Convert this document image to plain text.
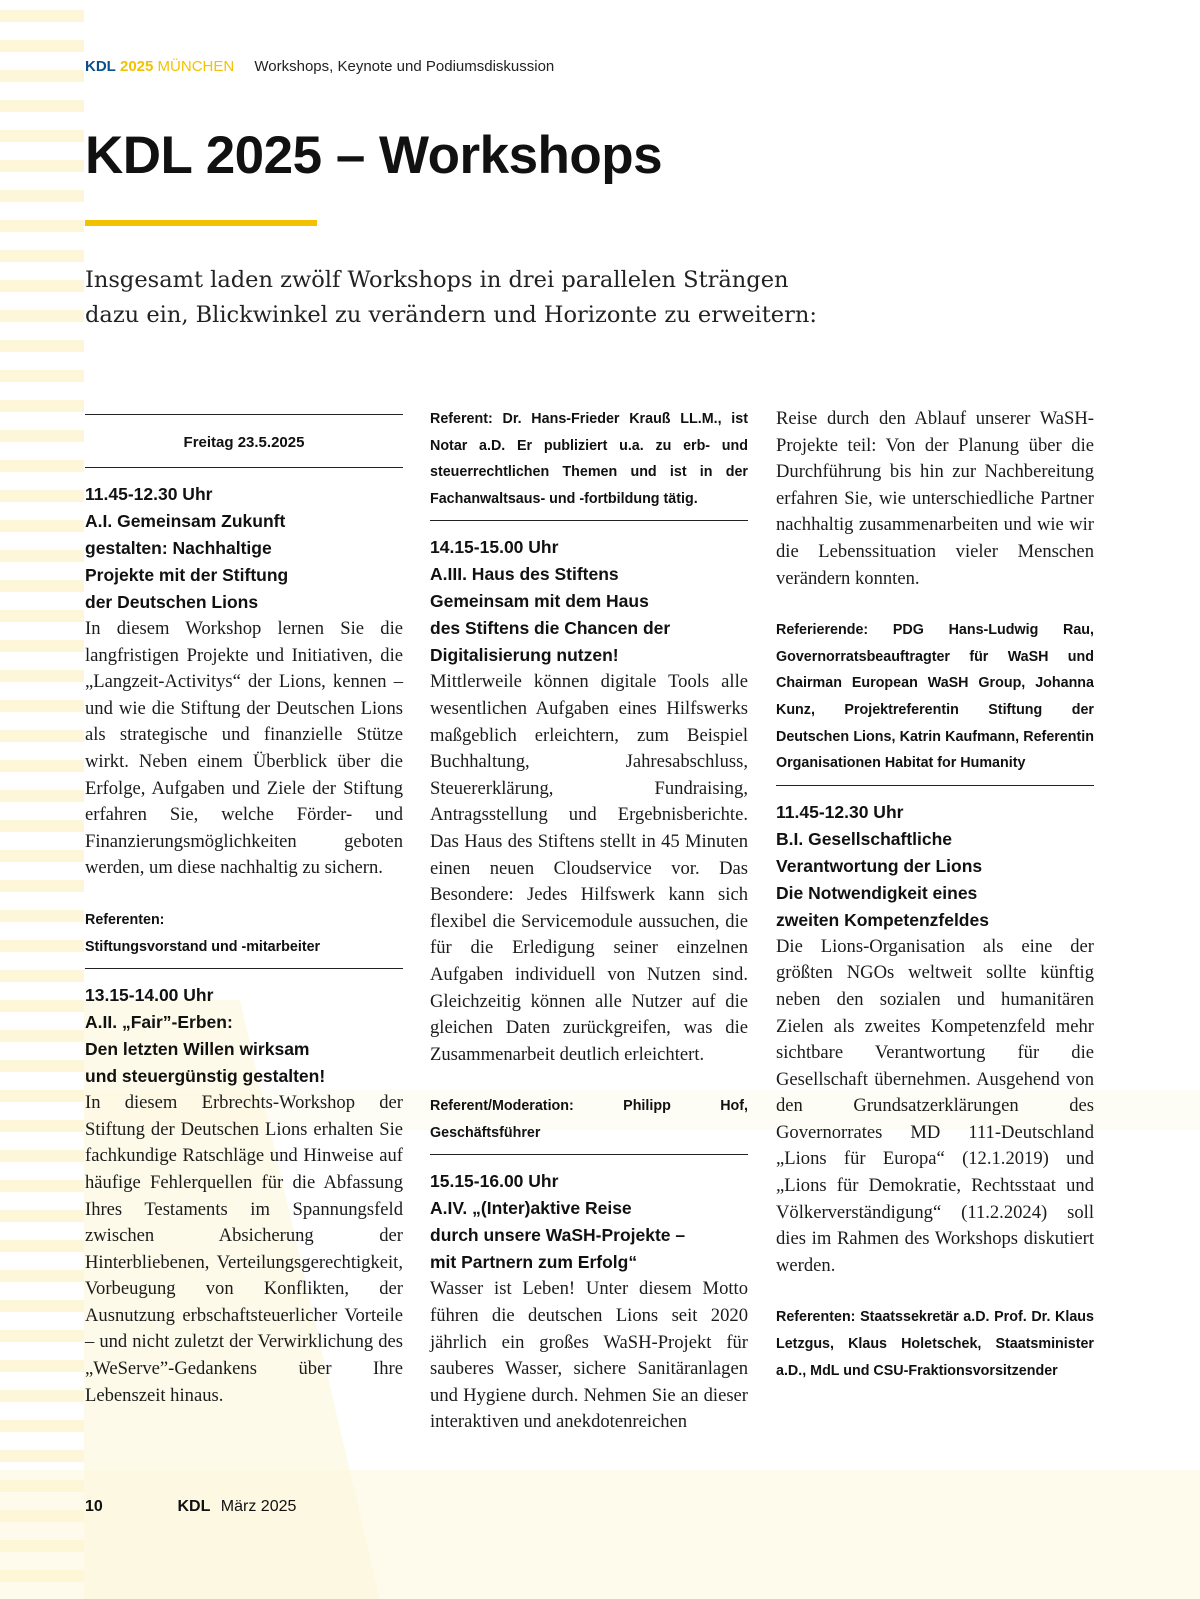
KDL 2025 MÜNCHEN Workshops, Keynote und Podiumsdiskussion
KDL 2025 – Workshops

Insgesamt laden zwölf Workshops in drei parallelen Strängen dazu ein, Blickwinkel zu verändern und Horizonte zu erweitern:

Freitag 23.5.2025

11.45-12.30 Uhr

A.I. Gemeinsam Zukunft
gestalten: Nachhaltige
Projekte mit der Stiftung
der Deutschen Lions

In diesem Workshop lernen Sie die langfristigen Projekte und Initiativen, die „Langzeit-Activitys“ der Lions, kennen – und wie die Stiftung der Deutschen Lions als strategische und finanzielle Stütze wirkt. Neben einem Überblick über die Erfolge, Aufgaben und Ziele der Stiftung erfahren Sie, welche Förder- und Finanzierungsmöglichkeiten geboten werden, um diese nachhaltig zu sichern.

Referenten:
Stiftungsvorstand und -mitarbeiter

13.15-14.00 Uhr

A.II. „Fair”-Erben:
Den letzten Willen wirksam
und steuergünstig gestalten!

In diesem Erbrechts-Workshop der Stiftung der Deutschen Lions erhalten Sie fachkundige Ratschläge und Hinweise auf häufige Fehlerquellen für die Abfassung Ihres Testaments im Spannungsfeld zwischen Absicherung der Hinterbliebenen, Verteilungsgerechtigkeit, Vorbeugung von Konflikten, der Ausnutzung erbschaftsteuerlicher Vorteile – und nicht zuletzt der Verwirklichung des „WeServe”-Gedankens über Ihre Lebenszeit hinaus.

Referent: Dr. Hans-Frieder Krauß LL.M., ist Notar a.D. Er publiziert u.a. zu erb- und steuerrechtlichen Themen und ist in der Fachanwaltsaus- und -fortbildung tätig.

14.15-15.00 Uhr

A.III. Haus des Stiftens
Gemeinsam mit dem Haus
des Stiftens die Chancen der
Digitalisierung nutzen!

Mittlerweile können digitale Tools alle wesentlichen Aufgaben eines Hilfswerks maßgeblich erleichtern, zum Beispiel Buchhaltung, Jahresabschluss, Steuererklärung, Fundraising, Antragsstellung und Ergebnisberichte. Das Haus des Stiftens stellt in 45 Minuten einen neuen Cloudservice vor. Das Besondere: Jedes Hilfswerk kann sich flexibel die Servicemodule aussuchen, die für die Erledigung seiner einzelnen Aufgaben individuell von Nutzen sind. Gleichzeitig können alle Nutzer auf die gleichen Daten zurückgreifen, was die Zusammenarbeit deutlich erleichtert.

Referent/Moderation: Philipp Hof, Geschäftsführer

15.15-16.00 Uhr

A.IV. „(Inter)aktive Reise
durch unsere WaSH-Projekte –
mit Partnern zum Erfolg“

Wasser ist Leben! Unter diesem Motto führen die deutschen Lions seit 2020 jährlich ein großes WaSH-Projekt für sauberes Wasser, sichere Sanitäranlagen und Hygiene durch. Nehmen Sie an dieser interaktiven und anekdotenreichen

Reise durch den Ablauf unserer WaSH-Projekte teil: Von der Planung über die Durchführung bis hin zur Nachbereitung erfahren Sie, wie unterschiedliche Partner nachhaltig zusammenarbeiten und wie wir die Lebenssituation vieler Menschen verändern konnten.

Referierende: PDG Hans-Ludwig Rau, Governorratsbeauftragter für WaSH und Chairman European WaSH Group, Johanna Kunz, Projektreferentin Stiftung der Deutschen Lions, Katrin Kaufmann, Referentin Organisationen Habitat for Humanity

11.45-12.30 Uhr

B.I. Gesellschaftliche
Verantwortung der Lions
Die Notwendigkeit eines
zweiten Kompetenzfeldes

Die Lions-Organisation als eine der größten NGOs weltweit sollte künftig neben den sozialen und humanitären Zielen als zweites Kompetenzfeld mehr sichtbare Verantwortung für die Gesellschaft übernehmen. Ausgehend von den Grundsatzerklärungen des Governorrates MD 111-Deutschland „Lions für Europa“ (12.1.2019) und „Lions für Demokratie, Rechtsstaat und Völkerverständigung“ (11.2.2024) soll dies im Rahmen des Workshops diskutiert werden.

Referenten: Staatssekretär a.D. Prof. Dr. Klaus Letzgus, Klaus Holetschek, Staatsminister a.D., MdL und CSU-Fraktionsvorsitzender

10	KDL März 2025
